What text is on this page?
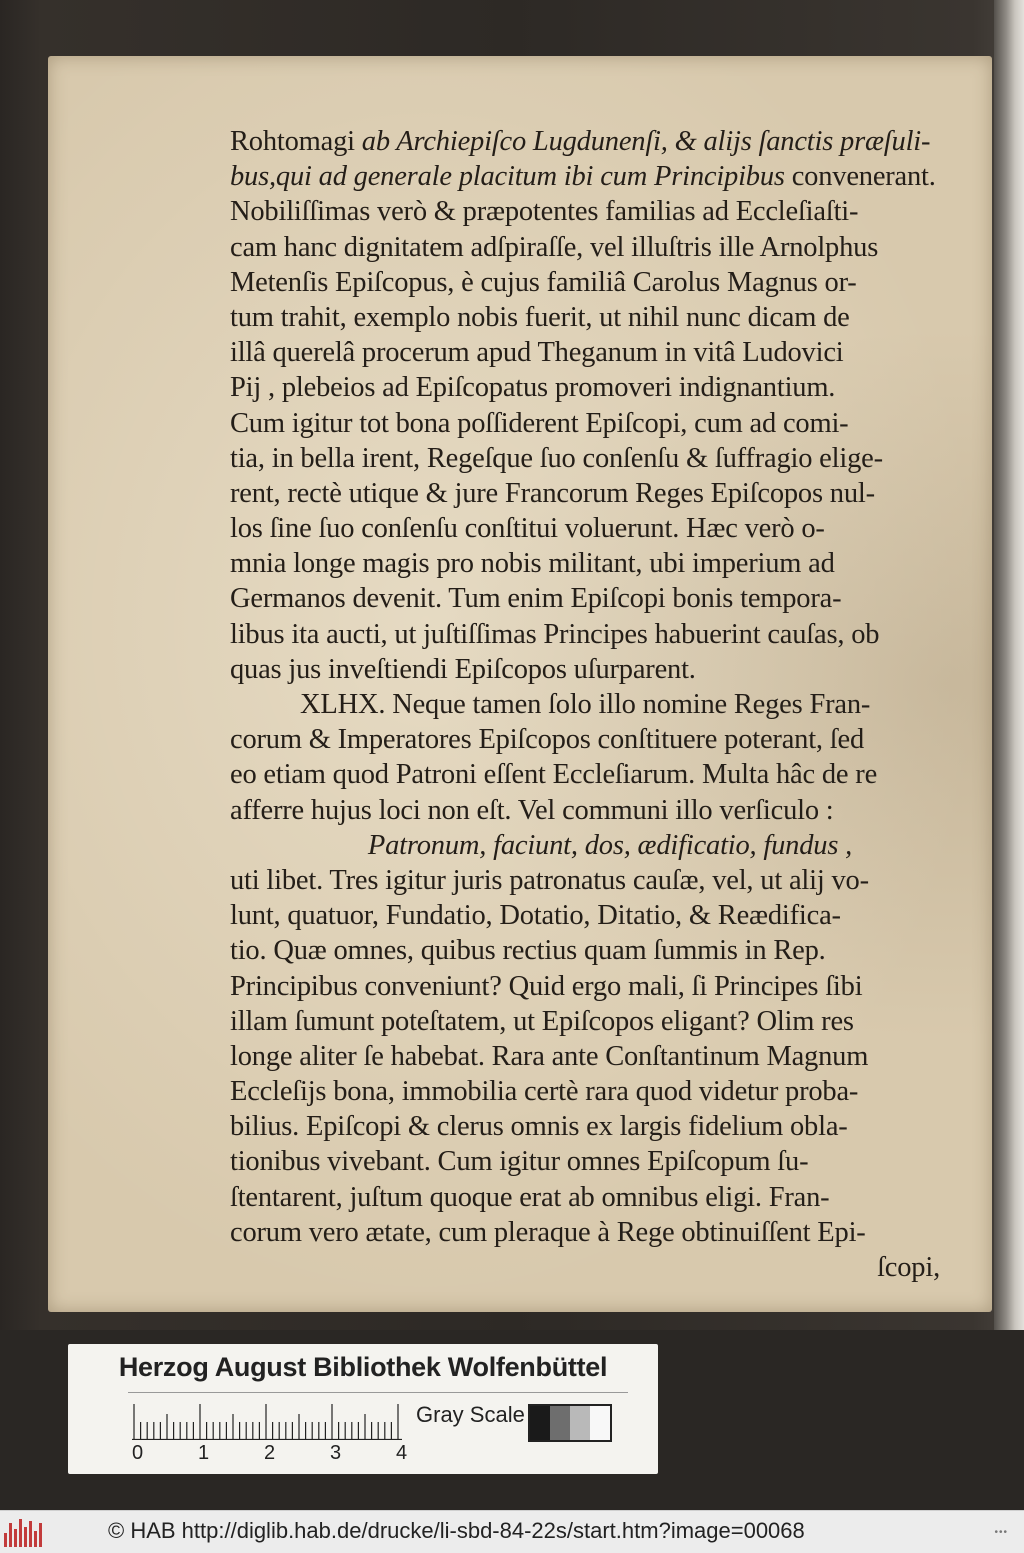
Rohtomagi ab Archiepiſco Lugdunenſi, & alijs ſanctis præſuli-
bus,qui ad generale placitum ibi cum Principibus convenerant.
Nobiliſſimas verò & præpotentes familias ad Eccleſiaſti-
cam hanc dignitatem adſpiraſſe, vel illuſtris ille Arnolphus
Metenſis Epiſcopus, è cujus familiâ Carolus Magnus or-
tum trahit, exemplo nobis fuerit, ut nihil nunc dicam de
illâ querelâ procerum apud Theganum in vitâ Ludovici
Pij , plebeios ad Epiſcopatus promoveri indignantium.
Cum igitur tot bona poſſiderent Epiſcopi, cum ad comi-
tia, in bella irent, Regeſque ſuo conſenſu & ſuffragio elige-
rent, rectè utique & jure Francorum Reges Epiſcopos nul-
los ſine ſuo conſenſu conſtitui voluerunt. Hæc verò o-
mnia longe magis pro nobis militant, ubi imperium ad
Germanos devenit. Tum enim Epiſcopi bonis tempora-
libus ita aucti, ut juſtiſſimas Principes habuerint cauſas, ob
quas jus inveſtiendi Epiſcopos uſurparent.
XLHX. Neque tamen ſolo illo nomine Reges Fran-
corum & Imperatores Epiſcopos conſtituere poterant, ſed
eo etiam quod Patroni eſſent Eccleſiarum. Multa hâc de re
afferre hujus loci non eſt. Vel communi illo verſiculo :
Patronum, faciunt, dos, ædificatio, fundus ,
uti libet. Tres igitur juris patronatus cauſæ, vel, ut alij vo-
lunt, quatuor, Fundatio, Dotatio, Ditatio, & Reædifica-
tio. Quæ omnes, quibus rectius quam ſummis in Rep.
Principibus conveniunt? Quid ergo mali, ſi Principes ſibi
illam ſumunt poteſtatem, ut Epiſcopos eligant? Olim res
longe aliter ſe habebat. Rara ante Conſtantinum Magnum
Eccleſijs bona, immobilia certè rara quod videtur proba-
bilius. Epiſcopi & clerus omnis ex largis fidelium obla-
tionibus vivebant. Cum igitur omnes Epiſcopum ſu-
ſtentarent, juſtum quoque erat ab omnibus eligi. Fran-
corum vero ætate, cum pleraque à Rege obtinuiſſent Epi-
ſcopi,
Herzog August Bibliothek Wolfenbüttel
0	1	2	3	4
Gray Scale
© HAB http://diglib.hab.de/drucke/li-sbd-84-22s/start.htm?image=00068	•••
